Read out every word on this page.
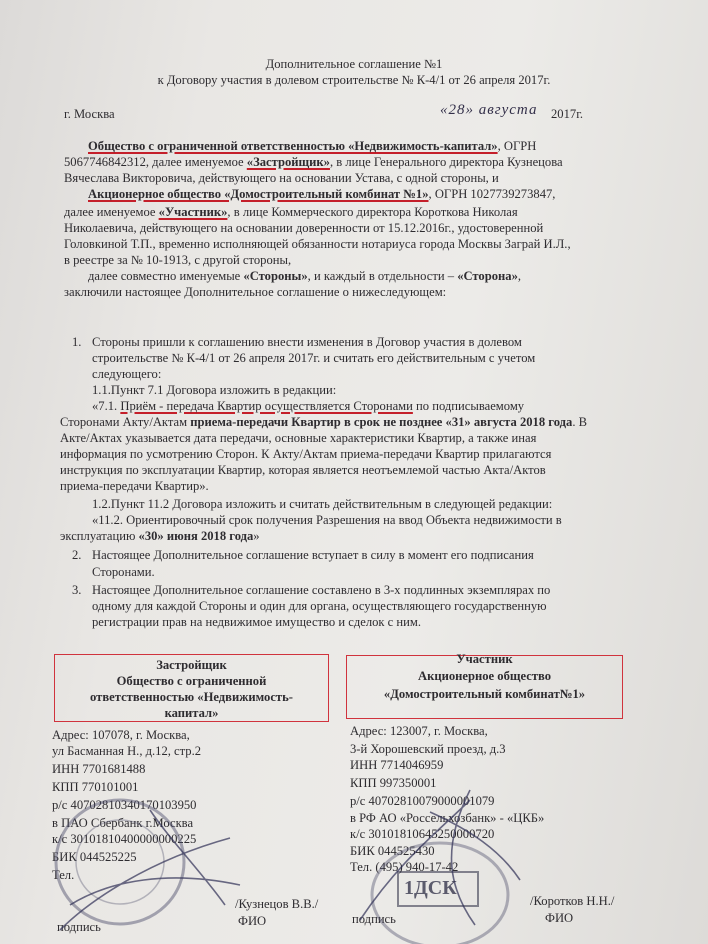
Дополнительное соглашение №1
к Договору участия в долевом строительстве № К-4/1 от 26 апреля 2017г.
г. Москва	«28» августа 2017г.
Общество с ограниченной ответственностью «Недвижимость-капитал», ОГРН
5067746842312, далее именуемое «Застройщик», в лице Генерального директора Кузнецова
Вячеслава Викторовича, действующего на основании Устава, с одной стороны, и
Акционерное общество «Домостроительный комбинат №1», ОГРН 1027739273847,
далее именуемое «Участник», в лице Коммерческого директора Короткова Николая
Николаевича, действующего на основании доверенности от 15.12.2016г., удостоверенной
Головкиной Т.П., временно исполняющей обязанности нотариуса города Москвы Заграй И.Л.,
в реестре за № 10-1913, с другой стороны,
далее совместно именуемые «Стороны», и каждый в отдельности – «Сторона»,
заключили настоящее Дополнительное соглашение о нижеследующем:
1. Стороны пришли к соглашению внести изменения в Договор участия в долевом
строительстве № К-4/1 от 26 апреля 2017г. и считать его действительным с учетом
следующего:
1.1.Пункт 7.1 Договора изложить в редакции:
«7.1. Приём - передача Квартир осуществляется Сторонами по подписываемому
Сторонами Акту/Актам приема-передачи Квартир в срок не позднее «31» августа 2018 года. В
Акте/Актах указывается дата передачи, основные характеристики Квартир, а также иная
информация по усмотрению Сторон. К Акту/Актам приема-передачи Квартир прилагаются
инструкция по эксплуатации Квартир, которая является неотъемлемой частью Акта/Актов
приема-передачи Квартир».
1.2.Пункт 11.2 Договора изложить и считать действительным в следующей редакции:
«11.2. Ориентировочный срок получения Разрешения на ввод Объекта недвижимости в
эксплуатацию «30» июня 2018 года»
2. Настоящее Дополнительное соглашение вступает в силу в момент его подписания
Сторонами.
3. Настоящее Дополнительное соглашение составлено в 3-х подлинных экземплярах по
одному для каждой Стороны и один для органа, осуществляющего государственную
регистрации прав на недвижимое имущество и сделок с ним.
Застройщик
Общество с ограниченной
ответственностью «Недвижимость-
капитал»
Участник
Акционерное общество
«Домостроительный комбинат№1»
Адрес: 107078, г. Москва,
ул Басманная Н., д.12, стр.2
ИНН 7701681488
КПП 770101001
р/с 40702810340170103950
в ПАО Сбербанк г.Москва
к/с 30101810400000000225
БИК 044525225
Тел.
/Кузнецов В.В./
ФИО
подпись
Адрес: 123007, г. Москва,
3-й Хорошевский проезд, д.3
ИНН 7714046959
КПП 997350001
р/с 40702810079000001079
в РФ АО «Россельхозбанк» - «ЦКБ»
к/с 30101810645250000720
БИК 044525430
Тел. (495) 940-17-42
/Коротков Н.Н./
ФИО
подпись
1ДСК
